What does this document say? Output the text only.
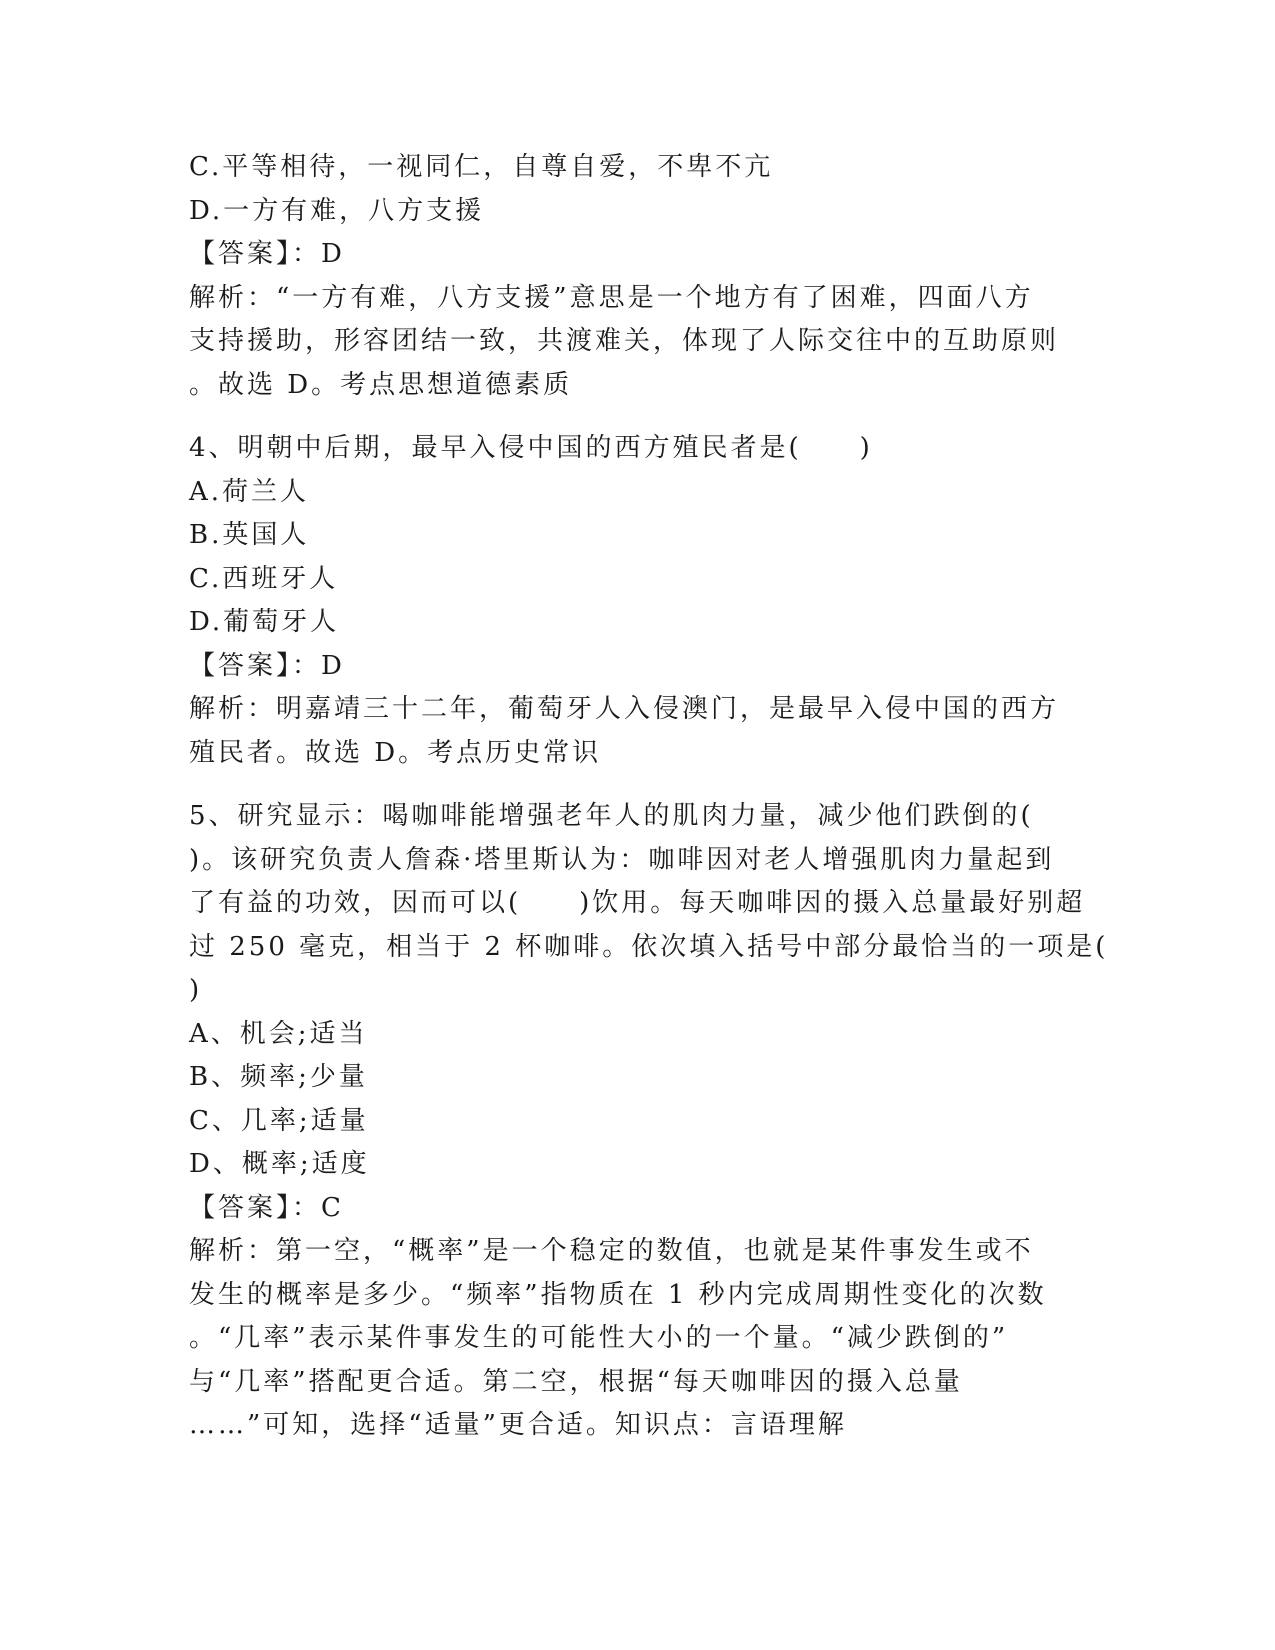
C.平等相待，一视同仁，自尊自爱，不卑不亢
D.一方有难，八方支援
【答案】：D
解析：“一方有难，八方支援”意思是一个地方有了困难，四面八方
支持援助，形容团结一致，共渡难关，体现了人际交往中的互助原则
。故选 D。考点思想道德素质
4、明朝中后期，最早入侵中国的西方殖民者是(　　)
A.荷兰人
B.英国人
C.西班牙人
D.葡萄牙人
【答案】：D
解析：明嘉靖三十二年，葡萄牙人入侵澳门，是最早入侵中国的西方
殖民者。故选 D。考点历史常识
5、研究显示：喝咖啡能增强老年人的肌肉力量，减少他们跌倒的(
)。该研究负责人詹森·塔里斯认为：咖啡因对老人增强肌肉力量起到
了有益的功效，因而可以(　　)饮用。每天咖啡因的摄入总量最好别超
过 250 毫克，相当于 2 杯咖啡。依次填入括号中部分最恰当的一项是(
)
A、机会;适当
B、频率;少量
C、几率;适量
D、概率;适度
【答案】：C
解析：第一空，“概率”是一个稳定的数值，也就是某件事发生或不
发生的概率是多少。“频率”指物质在 1 秒内完成周期性变化的次数
。“几率”表示某件事发生的可能性大小的一个量。“减少跌倒的”
与“几率”搭配更合适。第二空，根据“每天咖啡因的摄入总量
……”可知，选择“适量”更合适。知识点：言语理解
